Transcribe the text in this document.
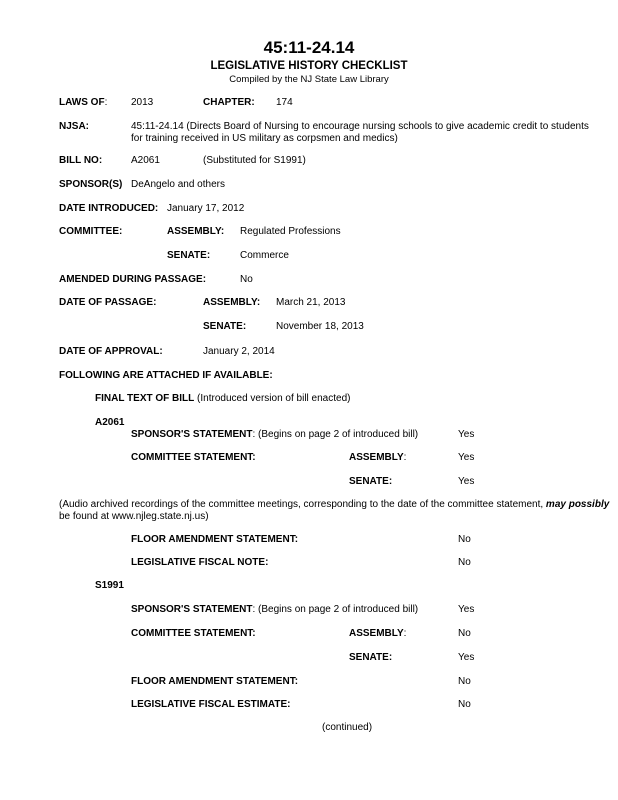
45:11-24.14
LEGISLATIVE HISTORY CHECKLIST
Compiled by the NJ State Law Library
LAWS OF: 2013	CHAPTER: 174
NJSA:	45:11-24.14 (Directs Board of Nursing to encourage nursing schools to give academic credit to students for training received in US military as corpsmen and medics)
BILL NO:	A2061	(Substituted for S1991)
SPONSOR(S) DeAngelo and others
DATE INTRODUCED: January 17, 2012
COMMITTEE:	ASSEMBLY: Regulated Professions
SENATE:	Commerce
AMENDED DURING PASSAGE:	No
DATE OF PASSAGE:	ASSEMBLY: March 21, 2013
SENATE:	November 18, 2013
DATE OF APPROVAL:	January 2, 2014
FOLLOWING ARE ATTACHED IF AVAILABLE:
FINAL TEXT OF BILL (Introduced version of bill enacted)
A2061
SPONSOR'S STATEMENT: (Begins on page 2 of introduced bill)	Yes
COMMITTEE STATEMENT:	ASSEMBLY:	Yes
SENATE:	Yes
(Audio archived recordings of the committee meetings, corresponding to the date of the committee statement, may possibly
be found at www.njleg.state.nj.us)
FLOOR AMENDMENT STATEMENT:	No
LEGISLATIVE FISCAL NOTE:	No
S1991
SPONSOR'S STATEMENT: (Begins on page 2 of introduced bill)	Yes
COMMITTEE STATEMENT:	ASSEMBLY:	No
SENATE:	Yes
FLOOR AMENDMENT STATEMENT:	No
LEGISLATIVE FISCAL ESTIMATE:	No
(continued)
